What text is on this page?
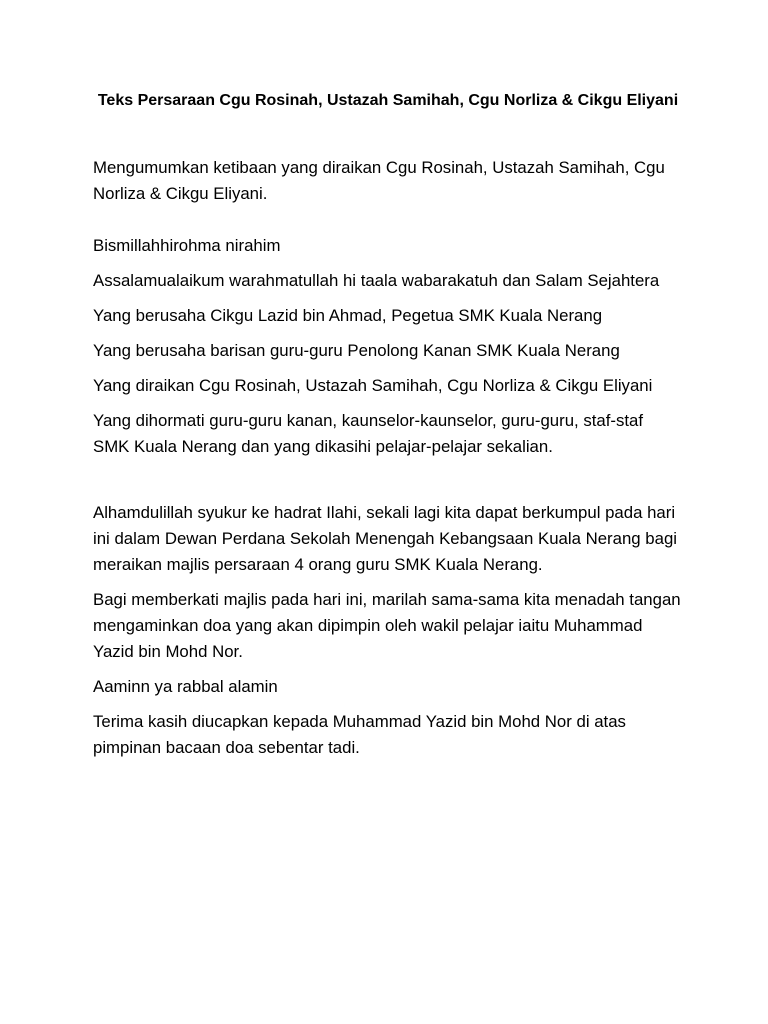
Teks Persaraan Cgu Rosinah, Ustazah Samihah, Cgu Norliza & Cikgu Eliyani

Mengumumkan ketibaan yang diraikan Cgu Rosinah, Ustazah Samihah, Cgu Norliza & Cikgu Eliyani.

Bismillahhirohma nirahim

Assalamualaikum warahmatullah hi taala wabarakatuh dan Salam Sejahtera

Yang berusaha Cikgu Lazid bin Ahmad, Pegetua SMK Kuala Nerang

Yang berusaha barisan guru-guru Penolong Kanan SMK Kuala Nerang

Yang diraikan Cgu Rosinah, Ustazah Samihah, Cgu Norliza & Cikgu Eliyani

Yang dihormati guru-guru kanan, kaunselor-kaunselor, guru-guru, staf-staf SMK Kuala Nerang dan yang dikasihi pelajar-pelajar sekalian.

Alhamdulillah syukur ke hadrat Ilahi, sekali lagi kita dapat berkumpul pada hari ini dalam Dewan Perdana Sekolah Menengah Kebangsaan Kuala Nerang bagi meraikan majlis persaraan 4 orang guru SMK Kuala Nerang.

Bagi memberkati majlis pada hari ini, marilah sama-sama kita menadah tangan mengaminkan doa yang akan dipimpin oleh wakil pelajar iaitu Muhammad Yazid bin Mohd Nor.

Aaminn ya rabbal alamin

Terima kasih diucapkan kepada Muhammad Yazid bin Mohd Nor di atas pimpinan bacaan doa sebentar tadi.
